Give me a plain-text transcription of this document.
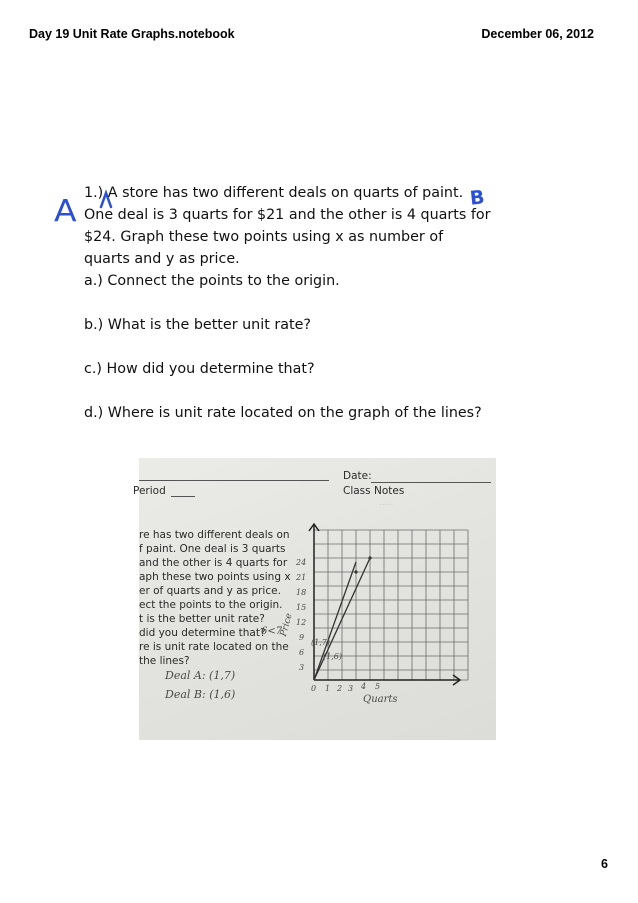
Day 19 Unit Rate Graphs.notebook	December 06, 2012
A	B

1.) A store has two different deals on quarts of paint.

One deal is 3 quarts for $21 and the other is 4 quarts for

$24. Graph these two points using x as number of

quarts and y as price.

a.) Connect the points to the origin.

b.) What is the better unit rate?

c.) How did you determine that?

d.) Where is unit rate located on the graph of the lines?

Date:
Period	Class Notes
.....
re has two different deals on
f paint. One deal is 3 quarts
and the other is 4 quarts for
aph these two points using x
er of quarts and y as price.
ect the points to the origin.
t is the better unit rate?
did you determine that?
re is unit rate located on the
the lines?
6<7
Deal A: (1,7)
Deal B: (1,6)
24
21
18
15
12
9
6
3
0 1 2 3 4 5
Quarts
Price
(1,7)
(1,6)
6
